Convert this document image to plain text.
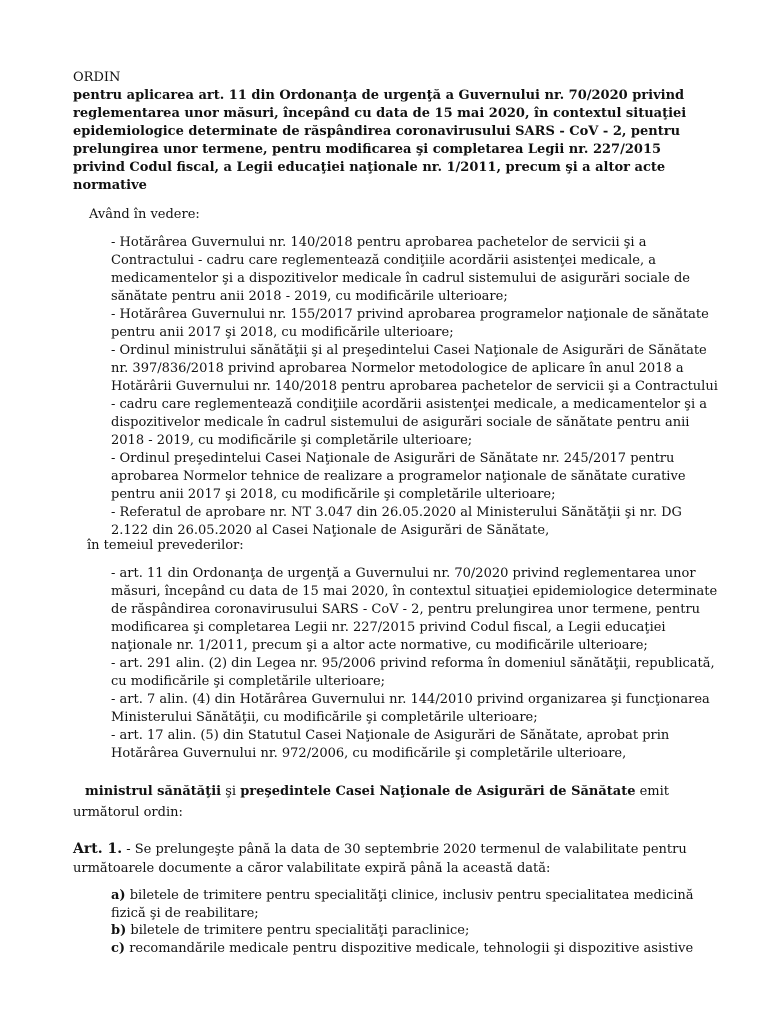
ORDIN
pentru aplicarea art. 11 din Ordonanţa de urgenţă a Guvernului nr. 70/2020 privind reglementarea unor măsuri, începând cu data de 15 mai 2020, în contextul situaţiei epidemiologice determinate de răspândirea coronavirusului SARS - CoV - 2, pentru prelungirea unor termene, pentru modificarea şi completarea Legii nr. 227/2015 privind Codul fiscal, a Legii educaţiei naţionale nr. 1/2011, precum şi a altor acte normative
Având în vedere:
- Hotărârea Guvernului nr. 140/2018 pentru aprobarea pachetelor de servicii şi a Contractului - cadru care reglementează condiţiile acordării asistenţei medicale, a medicamentelor şi a dispozitivelor medicale în cadrul sistemului de asigurări sociale de sănătate pentru anii 2018 - 2019, cu modificările ulterioare;
- Hotărârea Guvernului nr. 155/2017 privind aprobarea programelor naţionale de sănătate pentru anii 2017 şi 2018, cu modificările ulterioare;
- Ordinul ministrului sănătăţii şi al preşedintelui Casei Naţionale de Asigurări de Sănătate nr. 397/836/2018 privind aprobarea Normelor metodologice de aplicare în anul 2018 a Hotărârii Guvernului nr. 140/2018 pentru aprobarea pachetelor de servicii şi a Contractului - cadru care reglementează condiţiile acordării asistenţei medicale, a medicamentelor şi a dispozitivelor medicale în cadrul sistemului de asigurări sociale de sănătate pentru anii 2018 - 2019, cu modificările şi completările ulterioare;
- Ordinul preşedintelui Casei Naţionale de Asigurări de Sănătate nr. 245/2017 pentru aprobarea Normelor tehnice de realizare a programelor naţionale de sănătate curative pentru anii 2017 şi 2018, cu modificările şi completările ulterioare;
- Referatul de aprobare nr. NT 3.047 din 26.05.2020 al Ministerului Sănătăţii şi nr. DG 2.122 din 26.05.2020 al Casei Naţionale de Asigurări de Sănătate,
în temeiul prevederilor:
- art. 11 din Ordonanţa de urgenţă a Guvernului nr. 70/2020 privind reglementarea unor măsuri, începând cu data de 15 mai 2020, în contextul situaţiei epidemiologice determinate de răspândirea coronavirusului SARS - CoV - 2, pentru prelungirea unor termene, pentru modificarea şi completarea Legii nr. 227/2015 privind Codul fiscal, a Legii educaţiei naţionale nr. 1/2011, precum şi a altor acte normative, cu modificările ulterioare;
- art. 291 alin. (2) din Legea nr. 95/2006 privind reforma în domeniul sănătăţii, republicată, cu modificările şi completările ulterioare;
- art. 7 alin. (4) din Hotărârea Guvernului nr. 144/2010 privind organizarea şi funcţionarea Ministerului Sănătăţii, cu modificările şi completările ulterioare;
- art. 17 alin. (5) din Statutul Casei Naţionale de Asigurări de Sănătate, aprobat prin Hotărârea Guvernului nr. 972/2006, cu modificările şi completările ulterioare,
ministrul sănătăţii şi preşedintele Casei Naţionale de Asigurări de Sănătate emit următorul ordin:
Art. 1. - Se prelungeşte până la data de 30 septembrie 2020 termenul de valabilitate pentru următoarele documente a căror valabilitate expiră până la această dată:
a) biletele de trimitere pentru specialităţi clinice, inclusiv pentru specialitatea medicină fizică şi de reabilitare;
b) biletele de trimitere pentru specialităţi paraclinice;
c) recomandările medicale pentru dispozitive medicale, tehnologii şi dispozitive asistive
